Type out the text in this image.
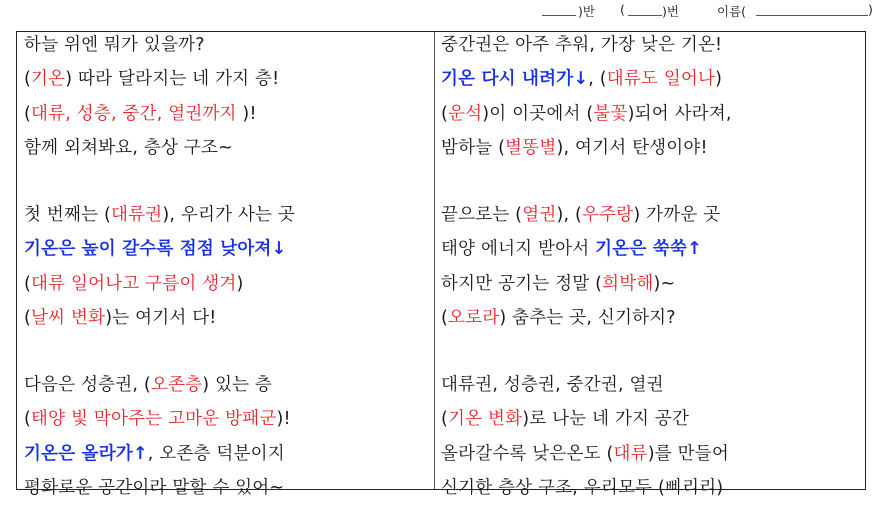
)반 (	)번	이름(	)
하늘 위엔 뭐가 있을까?
(기온) 따라 달라지는 네 가지 층!
(대류, 성층, 중간, 열권까지 )!
함께 외쳐봐요, 층상 구조~
첫 번째는 (대류권), 우리가 사는 곳
기온은 높이 갈수록 점점 낮아져↓
(대류 일어나고 구름이 생겨)
(날씨 변화)는 여기서 다!
다음은 성층권, (오존층) 있는 층
(태양 빛 막아주는 고마운 방패군)!
기온은 올라가↑, 오존층 덕분이지
평화로운 공간이라 말할 수 있어~
중간권은 아주 추워, 가장 낮은 기온!
기온 다시 내려가↓, (대류도 일어나)
(운석)이 이곳에서 (불꽃)되어 사라져,
밤하늘 (별똥별), 여기서 탄생이야!
끝으로는 (열권), (우주랑) 가까운 곳
태양 에너지 받아서 기온은 쑥쑥↑
하지만 공기는 정말 (희박해)~
(오로라) 춤추는 곳, 신기하지?
대류권, 성층권, 중간권, 열권
(기온 변화)로 나눈 네 가지 공간
올라갈수록 낮은온도 (대류)를 만들어
신기한 층상 구조, 우리모두 (삐리리)
